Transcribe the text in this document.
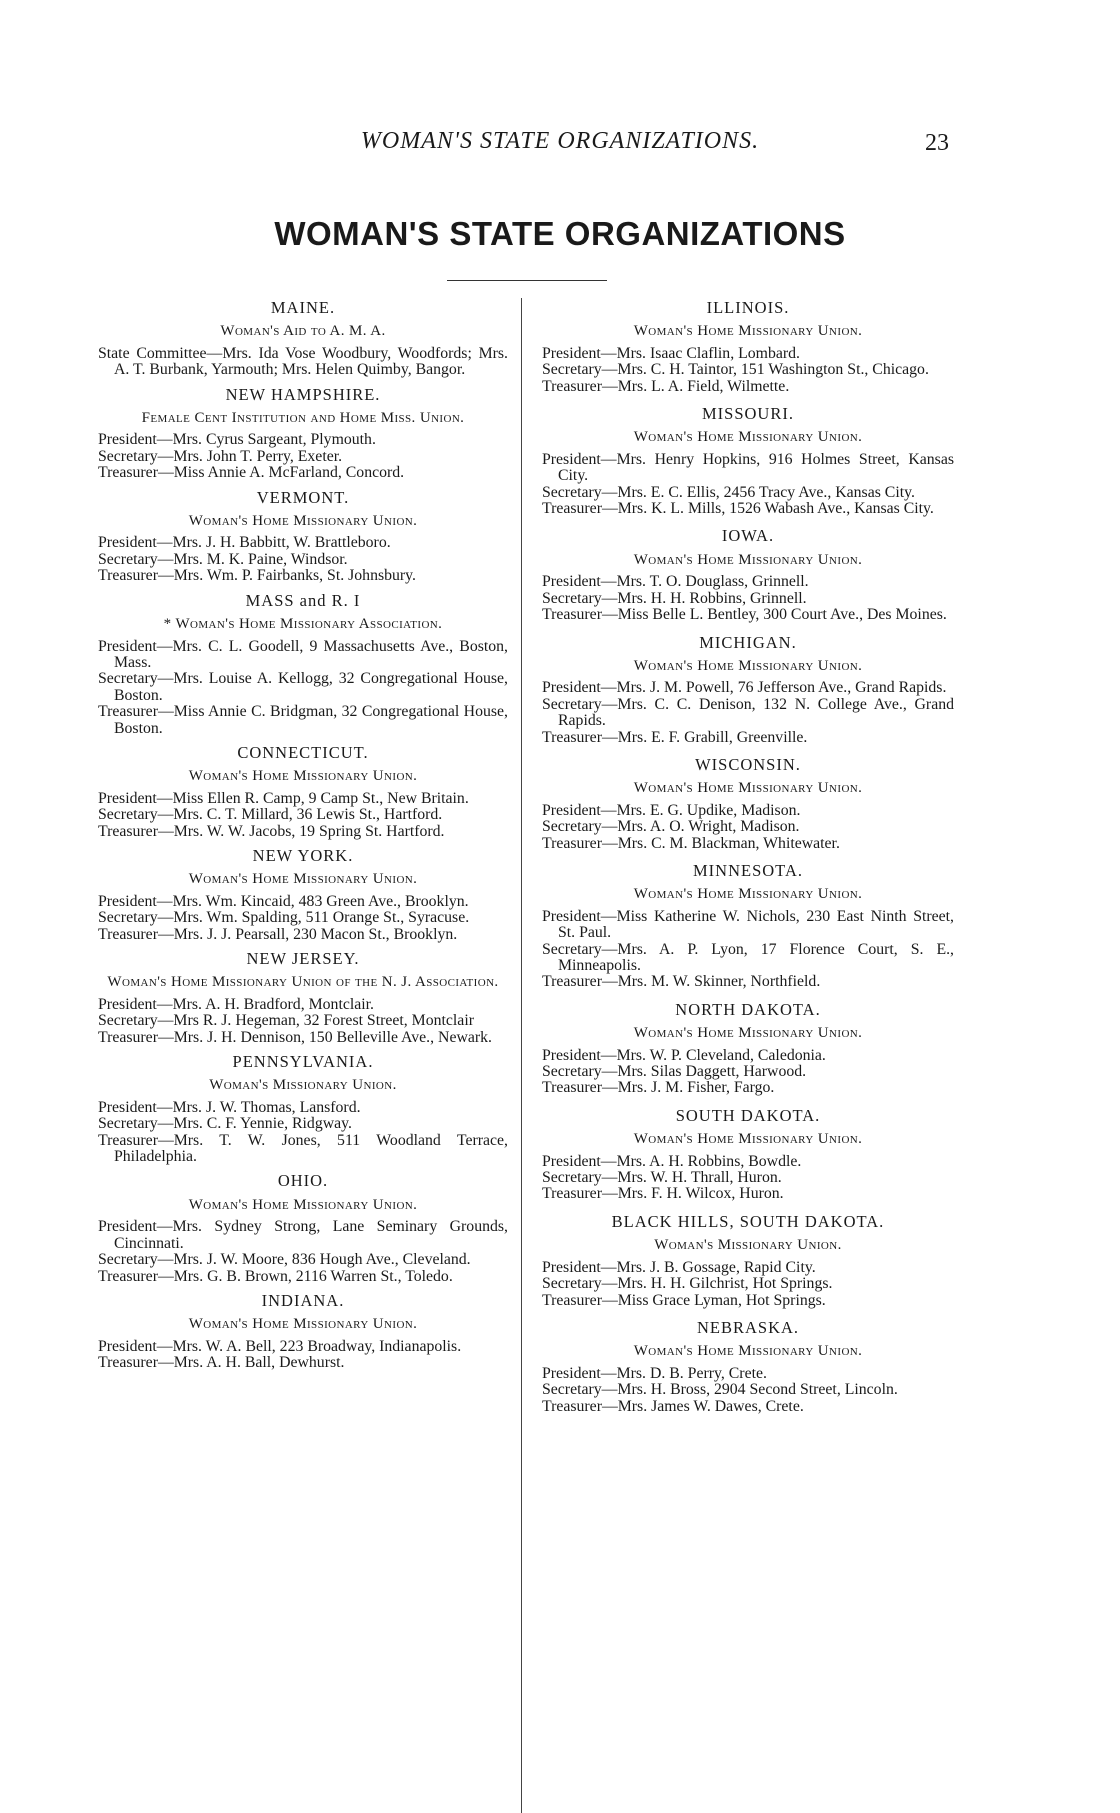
WOMAN'S STATE ORGANIZATIONS.	23
WOMAN'S STATE ORGANIZATIONS
MAINE.
Woman's Aid to A. M. A.
State Committee—Mrs. Ida Vose Woodbury, Woodfords; Mrs. A. T. Burbank, Yarmouth; Mrs. Helen Quimby, Bangor.
NEW HAMPSHIRE.
Female Cent Institution and Home Miss. Union.
President—Mrs. Cyrus Sargeant, Plymouth.
Secretary—Mrs. John T. Perry, Exeter.
Treasurer—Miss Annie A. McFarland, Concord.
VERMONT.
Woman's Home Missionary Union.
President—Mrs. J. H. Babbitt, W. Brattleboro.
Secretary—Mrs. M. K. Paine, Windsor.
Treasurer—Mrs. Wm. P. Fairbanks, St. Johnsbury.
MASS and R. I
* Woman's Home Missionary Association.
President—Mrs. C. L. Goodell, 9 Massachusetts Ave., Boston, Mass.
Secretary—Mrs. Louise A. Kellogg, 32 Congregational House, Boston.
Treasurer—Miss Annie C. Bridgman, 32 Congregational House, Boston.
CONNECTICUT.
Woman's Home Missionary Union.
President—Miss Ellen R. Camp, 9 Camp St., New Britain.
Secretary—Mrs. C. T. Millard, 36 Lewis St., Hartford.
Treasurer—Mrs. W. W. Jacobs, 19 Spring St. Hartford.
NEW YORK.
Woman's Home Missionary Union.
President—Mrs. Wm. Kincaid, 483 Green Ave., Brooklyn.
Secretary—Mrs. Wm. Spalding, 511 Orange St., Syracuse.
Treasurer—Mrs. J. J. Pearsall, 230 Macon St., Brooklyn.
NEW JERSEY.
Woman's Home Missionary Union of the N. J. Association.
President—Mrs. A. H. Bradford, Montclair.
Secretary—Mrs R. J. Hegeman, 32 Forest Street, Montclair
Treasurer—Mrs. J. H. Dennison, 150 Belleville Ave., Newark.
PENNSYLVANIA.
Woman's Missionary Union.
President—Mrs. J. W. Thomas, Lansford.
Secretary—Mrs. C. F. Yennie, Ridgway.
Treasurer—Mrs. T. W. Jones, 511 Woodland Terrace, Philadelphia.
OHIO.
Woman's Home Missionary Union.
President—Mrs. Sydney Strong, Lane Seminary Grounds, Cincinnati.
Secretary—Mrs. J. W. Moore, 836 Hough Ave., Cleveland.
Treasurer—Mrs. G. B. Brown, 2116 Warren St., Toledo.
INDIANA.
Woman's Home Missionary Union.
President—Mrs. W. A. Bell, 223 Broadway, Indianapolis.
Treasurer—Mrs. A. H. Ball, Dewhurst.
ILLINOIS.
Woman's Home Missionary Union.
President—Mrs. Isaac Claflin, Lombard.
Secretary—Mrs. C. H. Taintor, 151 Washington St., Chicago.
Treasurer—Mrs. L. A. Field, Wilmette.
MISSOURI.
Woman's Home Missionary Union.
President—Mrs. Henry Hopkins, 916 Holmes Street, Kansas City.
Secretary—Mrs. E. C. Ellis, 2456 Tracy Ave., Kansas City.
Treasurer—Mrs. K. L. Mills, 1526 Wabash Ave., Kansas City.
IOWA.
Woman's Home Missionary Union.
President—Mrs. T. O. Douglass, Grinnell.
Secretary—Mrs. H. H. Robbins, Grinnell.
Treasurer—Miss Belle L. Bentley, 300 Court Ave., Des Moines.
MICHIGAN.
Woman's Home Missionary Union.
President—Mrs. J. M. Powell, 76 Jefferson Ave., Grand Rapids.
Secretary—Mrs. C. C. Denison, 132 N. College Ave., Grand Rapids.
Treasurer—Mrs. E. F. Grabill, Greenville.
WISCONSIN.
Woman's Home Missionary Union.
President—Mrs. E. G. Updike, Madison.
Secretary—Mrs. A. O. Wright, Madison.
Treasurer—Mrs. C. M. Blackman, Whitewater.
MINNESOTA.
Woman's Home Missionary Union.
President—Miss Katherine W. Nichols, 230 East Ninth Street, St. Paul.
Secretary—Mrs. A. P. Lyon, 17 Florence Court, S. E., Minneapolis.
Treasurer—Mrs. M. W. Skinner, Northfield.
NORTH DAKOTA.
Woman's Home Missionary Union.
President—Mrs. W. P. Cleveland, Caledonia.
Secretary—Mrs. Silas Daggett, Harwood.
Treasurer—Mrs. J. M. Fisher, Fargo.
SOUTH DAKOTA.
Woman's Home Missionary Union.
President—Mrs. A. H. Robbins, Bowdle.
Secretary—Mrs. W. H. Thrall, Huron.
Treasurer—Mrs. F. H. Wilcox, Huron.
BLACK HILLS, SOUTH DAKOTA.
Woman's Missionary Union.
President—Mrs. J. B. Gossage, Rapid City.
Secretary—Mrs. H. H. Gilchrist, Hot Springs.
Treasurer—Miss Grace Lyman, Hot Springs.
NEBRASKA.
Woman's Home Missionary Union.
President—Mrs. D. B. Perry, Crete.
Secretary—Mrs. H. Bross, 2904 Second Street, Lincoln.
Treasurer—Mrs. James W. Dawes, Crete.
